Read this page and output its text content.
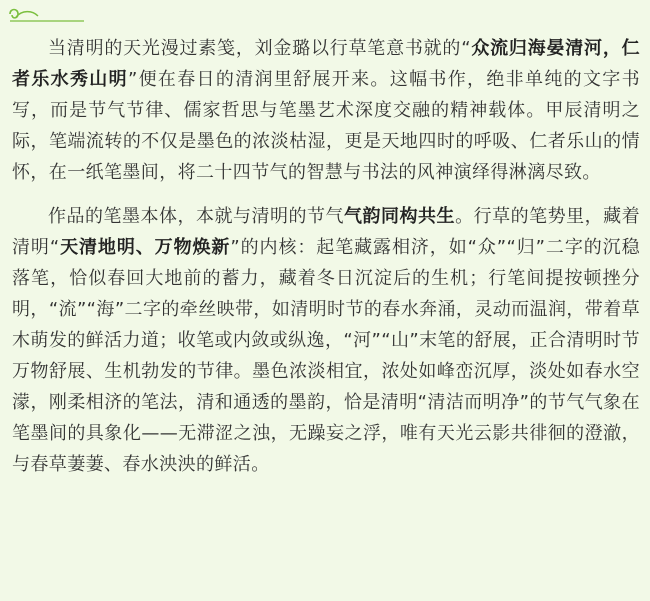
当清明的天光漫过素笺，刘金璐以行草笔意书就的“众流归海晏清河，仁者乐水秀山明”便在春日的清润里舒展开来。这幅书作，绝非单纯的文字书写，而是节气节律、儒家哲思与笔墨艺术深度交融的精神载体。甲辰清明之际，笔端流转的不仅是墨色的浓淡枯湿，更是天地四时的呼吸、仁者乐山的情怀，在一纸笔墨间，将二十四节气的智慧与书法的风神演绎得淋漓尽致。

作品的笔墨本体，本就与清明的节气气韵同构共生。行草的笔势里，藏着清明“天清地明、万物焕新”的内核：起笔藏露相济，如“众”“归”二字的沉稳落笔，恰似春回大地前的蓄力，藏着冬日沉淀后的生机；行笔间提按顿挫分明，“流”“海”二字的牵丝映带，如清明时节的春水奔涌，灵动而温润，带着草木萌发的鲜活力道；收笔或内敛或纵逸，“河”“山”末笔的舒展，正合清明时节万物舒展、生机勃发的节律。墨色浓淡相宜，浓处如峰峦沉厚，淡处如春水空濛，刚柔相济的笔法，清和通透的墨韵，恰是清明“清洁而明净”的节气气象在笔墨间的具象化——无滞涩之浊，无躁妄之浮，唯有天光云影共徘徊的澄澈，与春草萋萋、春水泱泱的鲜活。
